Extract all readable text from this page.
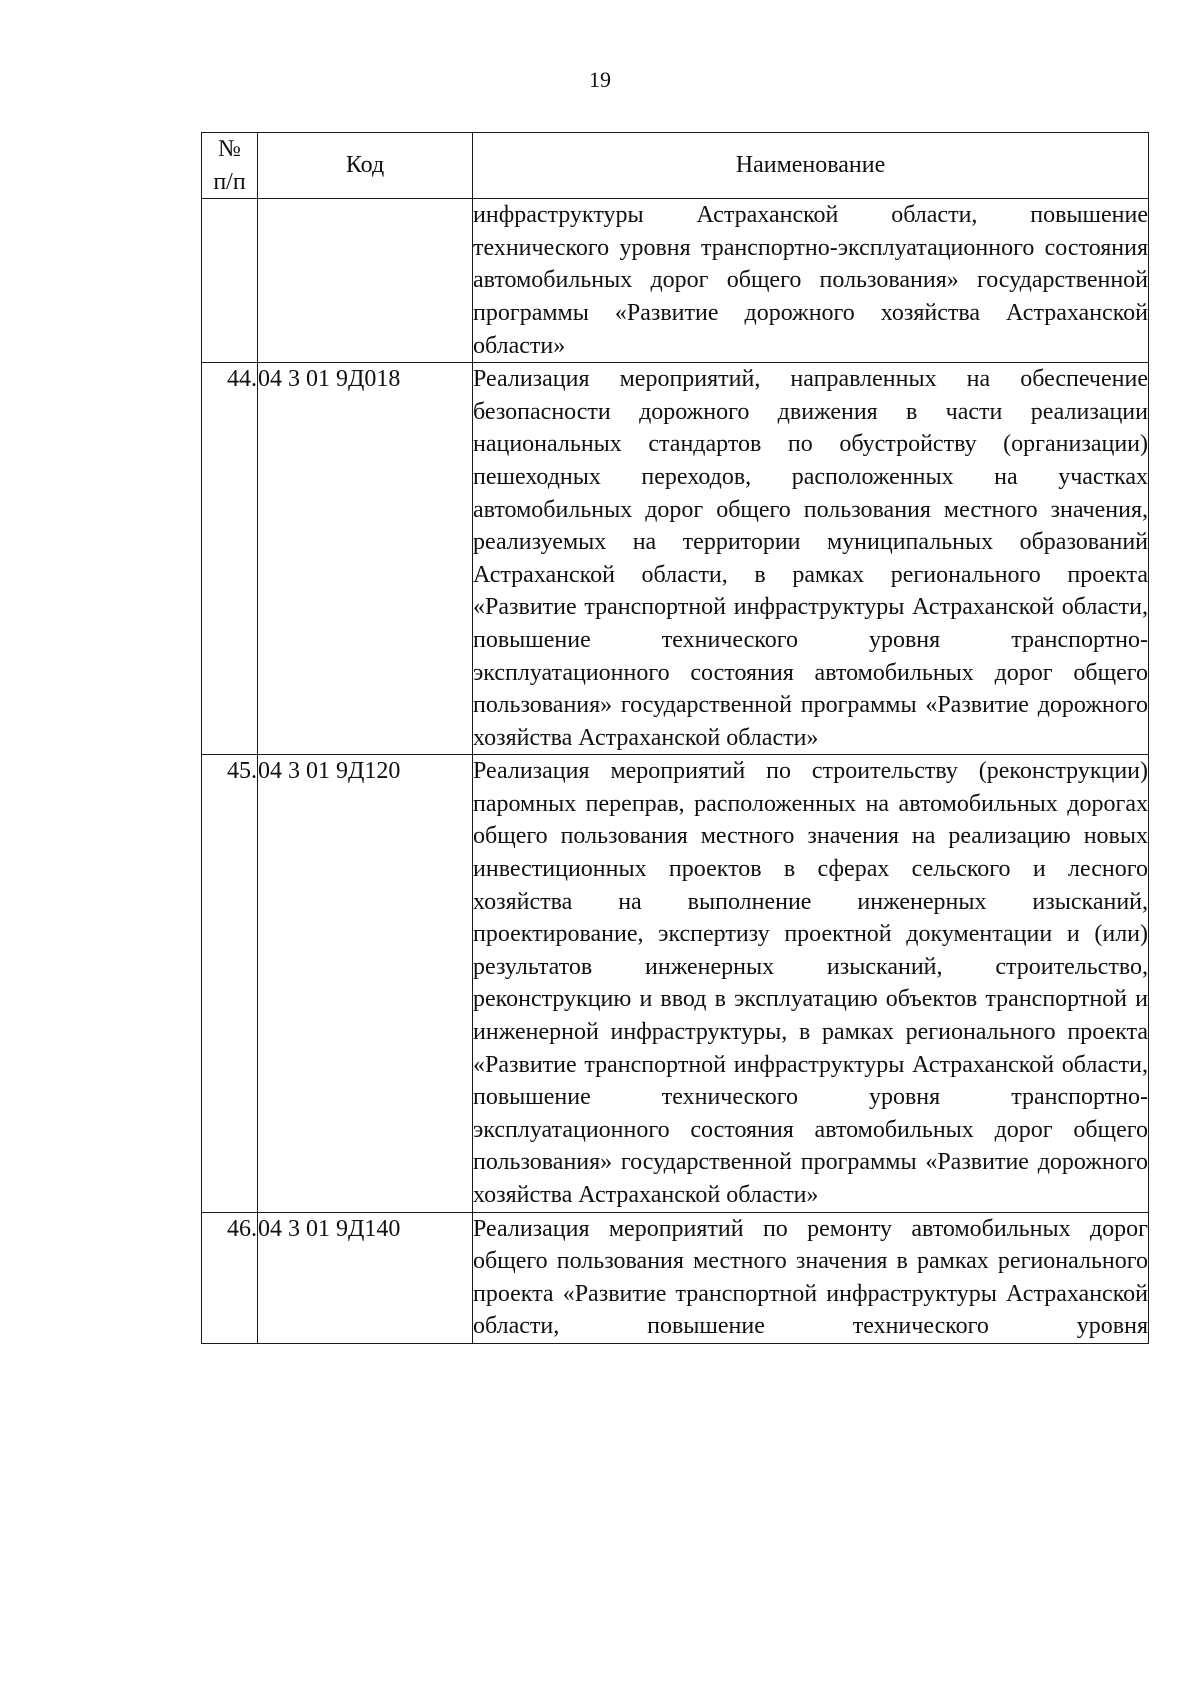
19
№
п/п	Код	Наименование
		инфраструктуры Астраханской области, повышение технического уровня транспортно-эксплуатационного состояния автомобильных дорог общего пользования» государственной программы «Развитие дорожного хозяйства Астраханской области»
44.	04 3 01 9Д018	Реализация мероприятий, направленных на обеспечение безопасности дорожного движения в части реализации национальных стандартов по обустройству (организации) пешеходных переходов, расположенных на участках автомобильных дорог общего пользования местного значения, реализуемых на территории муниципальных образований Астраханской области, в рамках регионального проекта «Развитие транспортной инфраструктуры Астраханской области, повышение технического уровня транспортно-эксплуатационного состояния автомобильных дорог общего пользования» государственной программы «Развитие дорожного хозяйства Астраханской области»
45.	04 3 01 9Д120	Реализация мероприятий по строительству (реконструкции) паромных переправ, расположенных на автомобильных дорогах общего пользования местного значения на реализацию новых инвестиционных проектов в сферах сельского и лесного хозяйства на выполнение инженерных изысканий, проектирование, экспертизу проектной документации и (или) результатов инженерных изысканий, строительство, реконструкцию и ввод в эксплуатацию объектов транспортной и инженерной инфраструктуры, в рамках регионального проекта «Развитие транспортной инфраструктуры Астраханской области, повышение технического уровня транспортно-эксплуатационного состояния автомобильных дорог общего пользования» государственной программы «Развитие дорожного хозяйства Астраханской области»
46.	04 3 01 9Д140	Реализация мероприятий по ремонту автомобильных дорог общего пользования местного значения в рамках регионального проекта «Развитие транспортной инфраструктуры Астраханской области, повышение технического уровня
